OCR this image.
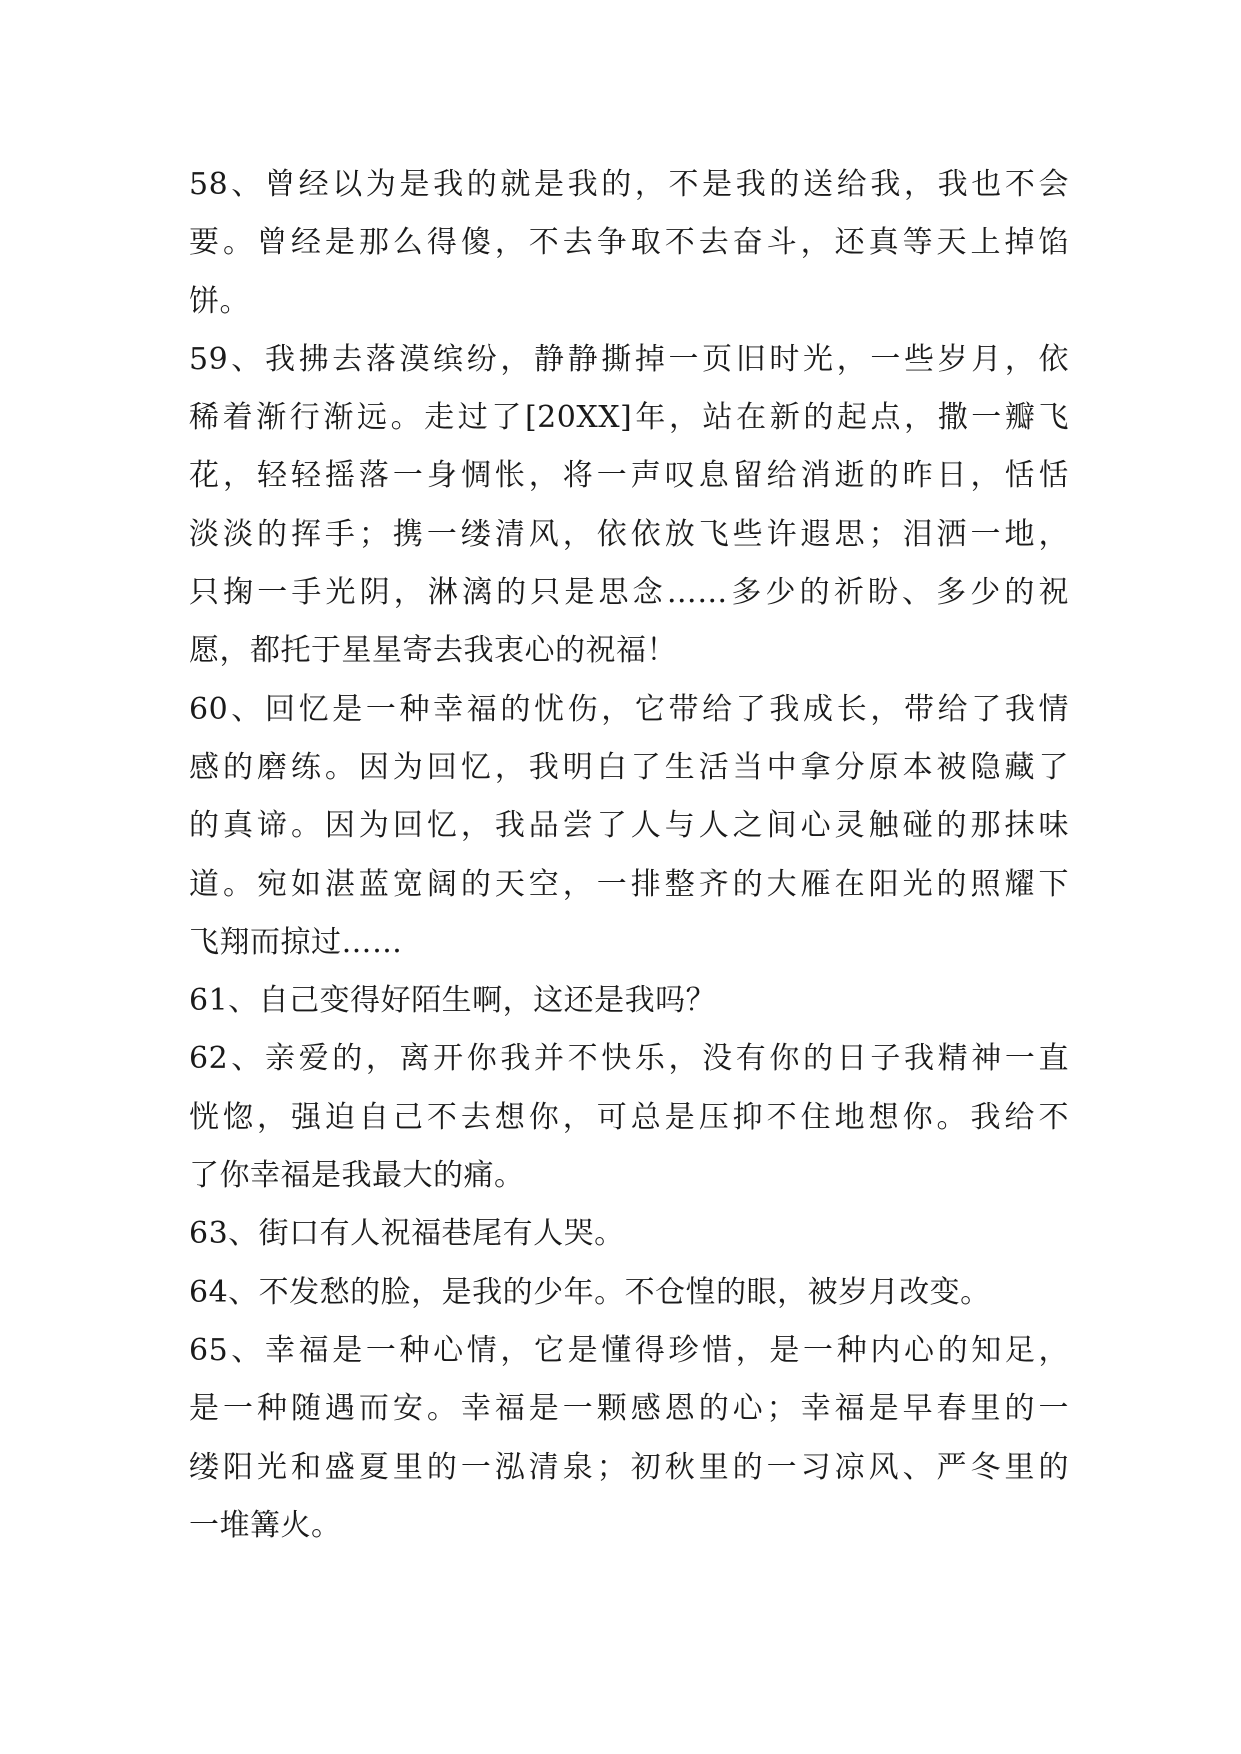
58、曾经以为是我的就是我的，不是我的送给我，我也不会
要。曾经是那么得傻，不去争取不去奋斗，还真等天上掉馅
饼。
59、我拂去落漠缤纷，静静撕掉一页旧时光，一些岁月，依
稀着渐行渐远。走过了[20XX]年，站在新的起点，撒一瓣飞
花，轻轻摇落一身惆怅，将一声叹息留给消逝的昨日，恬恬
淡淡的挥手；携一缕清风，依依放飞些许遐思；泪洒一地，
只掬一手光阴，淋漓的只是思念……多少的祈盼、多少的祝
愿，都托于星星寄去我衷心的祝福！
60、回忆是一种幸福的忧伤，它带给了我成长，带给了我情
感的磨练。因为回忆，我明白了生活当中拿分原本被隐藏了
的真谛。因为回忆，我品尝了人与人之间心灵触碰的那抹味
道。宛如湛蓝宽阔的天空，一排整齐的大雁在阳光的照耀下
飞翔而掠过……
61、自己变得好陌生啊，这还是我吗？
62、亲爱的，离开你我并不快乐，没有你的日子我精神一直
恍惚，强迫自己不去想你，可总是压抑不住地想你。我给不
了你幸福是我最大的痛。
63、街口有人祝福巷尾有人哭。
64、不发愁的脸，是我的少年。不仓惶的眼，被岁月改变。
65、幸福是一种心情，它是懂得珍惜，是一种内心的知足，
是一种随遇而安。幸福是一颗感恩的心；幸福是早春里的一
缕阳光和盛夏里的一泓清泉；初秋里的一习凉风、严冬里的
一堆篝火。
